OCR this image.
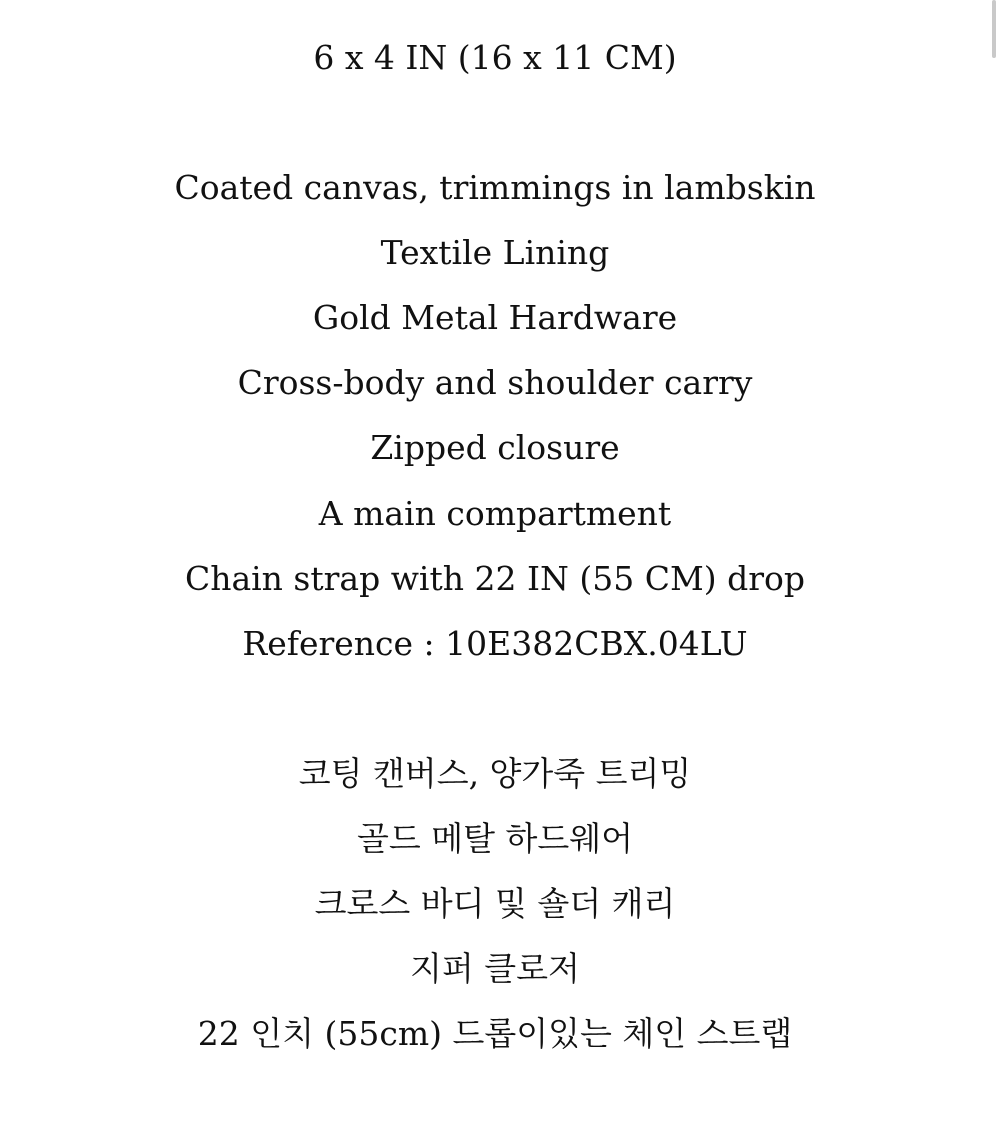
6 x 4 IN (16 x 11 CM)
Coated canvas, trimmings in lambskin
Textile Lining
Gold Metal Hardware
Cross-body and shoulder carry
Zipped closure
A main compartment
Chain strap with 22 IN (55 CM) drop
Reference : 10E382CBX.04LU
코팅 캔버스, 양가죽 트리밍
골드 메탈 하드웨어
크로스 바디 및 숄더 캐리
지퍼 클로저
22 인치 (55cm) 드롭이있는 체인 스트랩
